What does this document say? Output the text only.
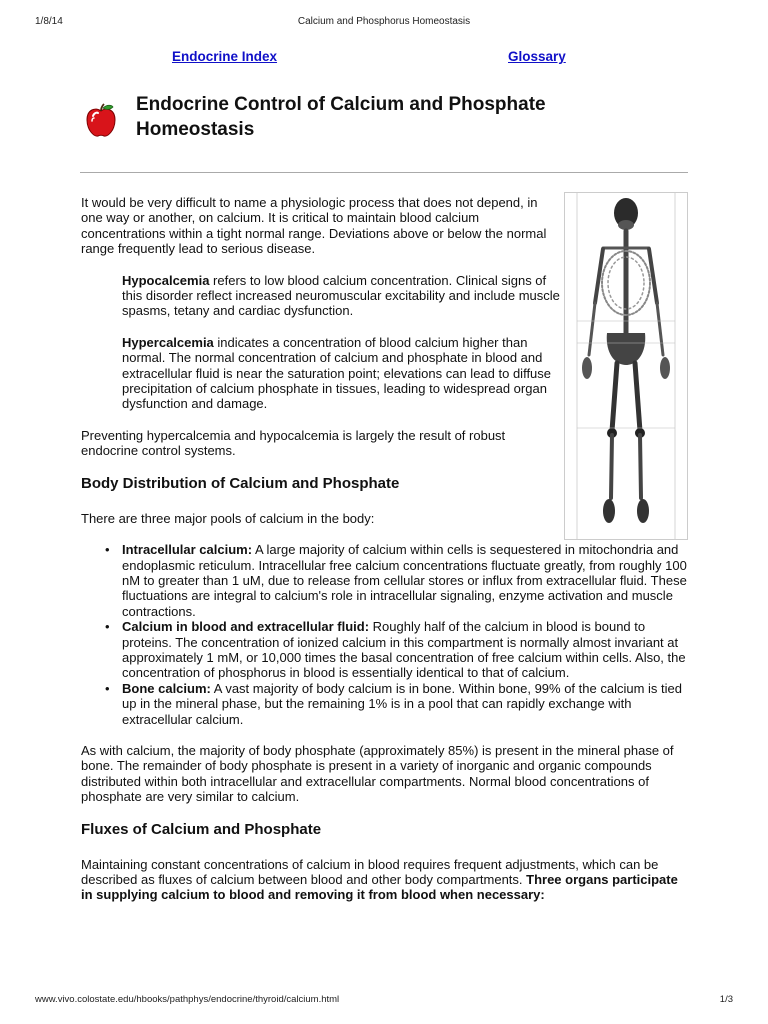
1/8/14	Calcium and Phosphorus Homeostasis
Endocrine Index	Glossary
Endocrine Control of Calcium and Phosphate Homeostasis

It would be very difficult to name a physiologic process that does not depend, in one way or another, on calcium. It is critical to maintain blood calcium concentrations within a tight normal range. Deviations above or below the normal range frequently lead to serious disease.

Hypocalcemia refers to low blood calcium concentration. Clinical signs of this disorder reflect increased neuromuscular excitability and include muscle spasms, tetany and cardiac dysfunction.

Hypercalcemia indicates a concentration of blood calcium higher than normal. The normal concentration of calcium and phosphate in blood and extracellular fluid is near the saturation point; elevations can lead to diffuse precipitation of calcium phosphate in tissues, leading to widespread organ dysfunction and damage.

Preventing hypercalcemia and hypocalcemia is largely the result of robust endocrine control systems.

Body Distribution of Calcium and Phosphate

There are three major pools of calcium in the body:

• Intracellular calcium: A large majority of calcium within cells is sequestered in mitochondria and endoplasmic reticulum. Intracellular free calcium concentrations fluctuate greatly, from roughly 100 nM to greater than 1 uM, due to release from cellular stores or influx from extracellular fluid. These fluctuations are integral to calcium's role in intracellular signaling, enzyme activation and muscle contractions.
• Calcium in blood and extracellular fluid: Roughly half of the calcium in blood is bound to proteins. The concentration of ionized calcium in this compartment is normally almost invariant at approximately 1 mM, or 10,000 times the basal concentration of free calcium within cells. Also, the concentration of phosphorus in blood is essentially identical to that of calcium.
• Bone calcium: A vast majority of body calcium is in bone. Within bone, 99% of the calcium is tied up in the mineral phase, but the remaining 1% is in a pool that can rapidly exchange with extracellular calcium.

As with calcium, the majority of body phosphate (approximately 85%) is present in the mineral phase of bone. The remainder of body phosphate is present in a variety of inorganic and organic compounds distributed within both intracellular and extracellular compartments. Normal blood concentrations of phosphate are very similar to calcium.

Fluxes of Calcium and Phosphate

Maintaining constant concentrations of calcium in blood requires frequent adjustments, which can be described as fluxes of calcium between blood and other body compartments. Three organs participate in supplying calcium to blood and removing it from blood when necessary:

www.vivo.colostate.edu/hbooks/pathphys/endocrine/thyroid/calcium.html	1/3
